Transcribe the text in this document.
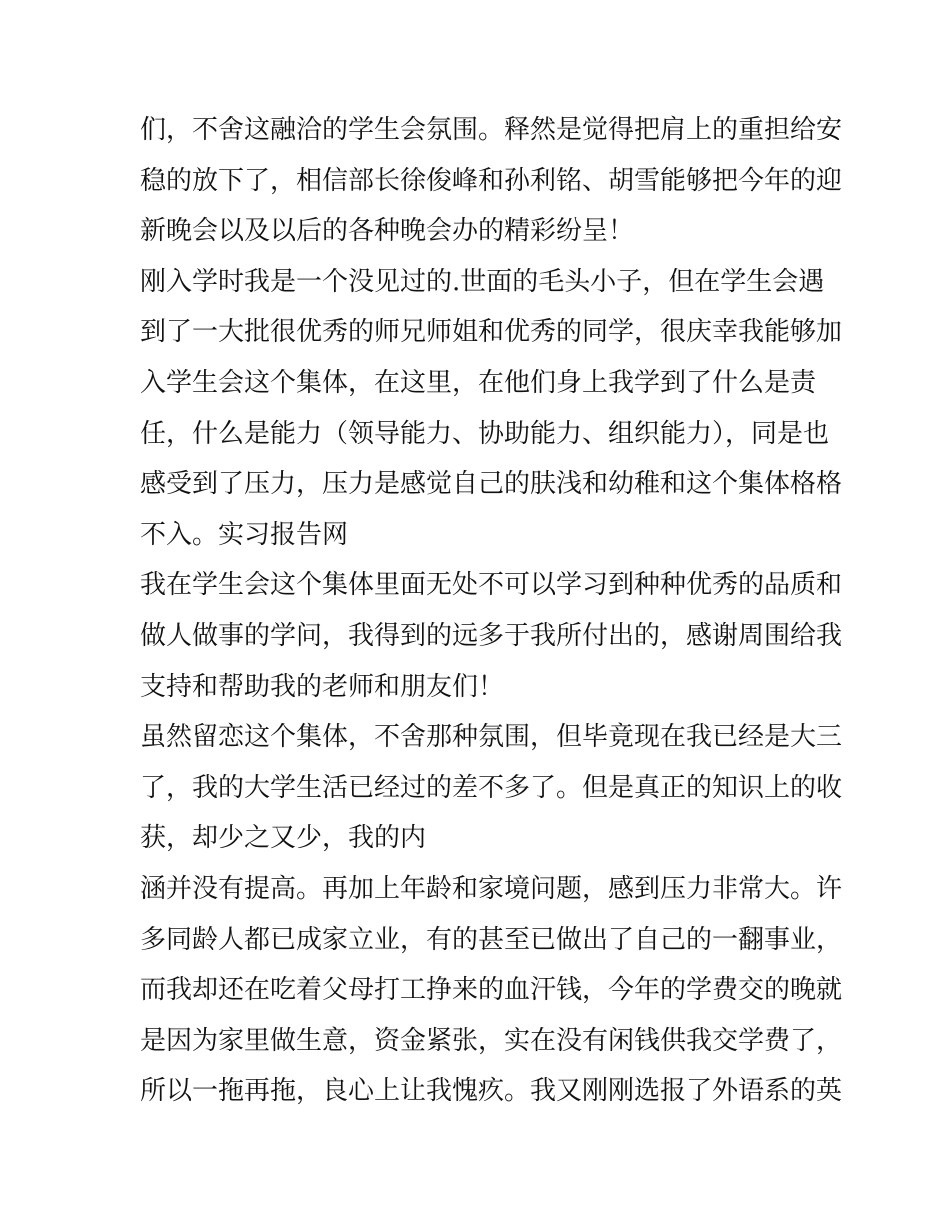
们，不舍这融洽的学生会氛围。释然是觉得把肩上的重担给安
稳的放下了，相信部长徐俊峰和孙利铭、胡雪能够把今年的迎
新晚会以及以后的各种晚会办的精彩纷呈！
刚入学时我是一个没见过的.世面的毛头小子，但在学生会遇
到了一大批很优秀的师兄师姐和优秀的同学，很庆幸我能够加
入学生会这个集体，在这里，在他们身上我学到了什么是责
任，什么是能力（领导能力、协助能力、组织能力），同是也
感受到了压力，压力是感觉自己的肤浅和幼稚和这个集体格格
不入。实习报告网
我在学生会这个集体里面无处不可以学习到种种优秀的品质和
做人做事的学问，我得到的远多于我所付出的，感谢周围给我
支持和帮助我的老师和朋友们！
虽然留恋这个集体，不舍那种氛围，但毕竟现在我已经是大三
了，我的大学生活已经过的差不多了。但是真正的知识上的收
获，却少之又少，我的内
涵并没有提高。再加上年龄和家境问题，感到压力非常大。许
多同龄人都已成家立业，有的甚至已做出了自己的一翻事业，
而我却还在吃着父母打工挣来的血汗钱，今年的学费交的晚就
是因为家里做生意，资金紧张，实在没有闲钱供我交学费了，
所以一拖再拖，良心上让我愧疚。我又刚刚选报了外语系的英
